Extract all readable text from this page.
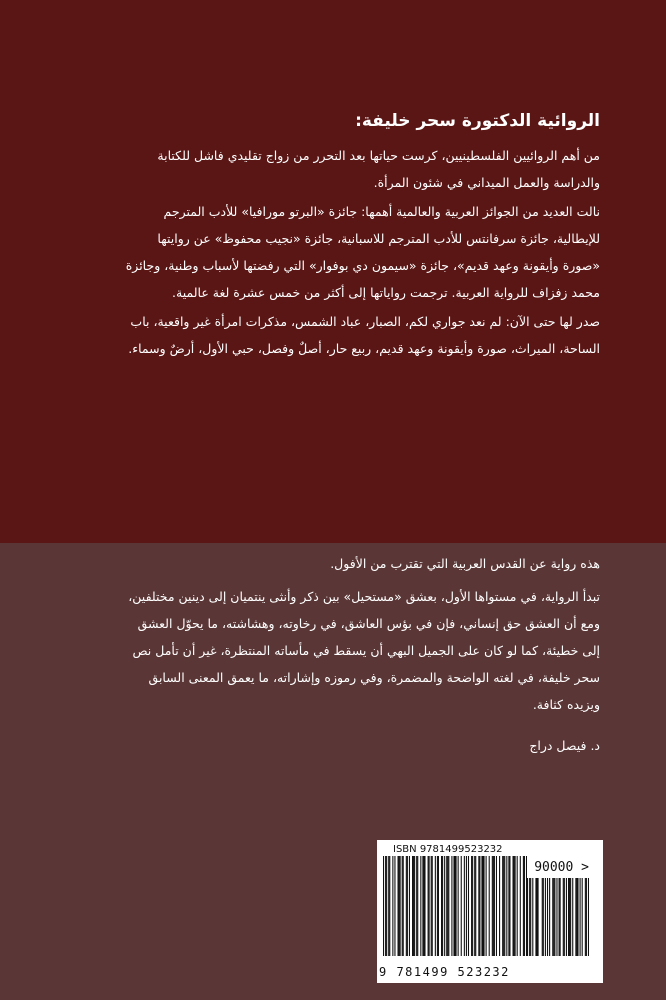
الروائية الدكتورة سحر خليفة:

من أهم الروائيين الفلسطينيين، كرست حياتها بعد التحرر من زواج تقليدي فاشل للكتابة والدراسة والعمل الميداني في شئون المرأة.

نالت العديد من الجوائز العربية والعالمية أهمها: جائزة «البرتو مورافيا» للأدب المترجم للإيطالية، جائزة سرفانتس للأدب المترجم للاسبانية، جائزة «نجيب محفوظ» عن روايتها «صورة وأيقونة وعهد قديم»، جائزة «سيمون دي بوفوار» التي رفضتها لأسباب وطنية، وجائزة محمد زفزاف للرواية العربية. ترجمت رواياتها إلى أكثر من خمس عشرة لغة عالمية.

صدر لها حتى الآن: لم نعد جواري لكم، الصبار، عباد الشمس، مذكرات امرأة غير واقعية، باب الساحة، الميراث، صورة وأيقونة وعهد قديم، ربيع حار، أصلٌ وفصل، حبي الأول، أرضٌ وسماء.

هذه رواية عن القدس العربية التي تقترب من الأفول.

تبدأ الرواية، في مستواها الأول، بعشق «مستحيل» بين ذكر وأنثى ينتميان إلى دينين مختلفين، ومع أن العشق حق إنساني، فإن في بؤس العاشق، في رخاوته، وهشاشته، ما يحوّل العشق إلى خطيئة، كما لو كان على الجميل البهي أن يسقط في مأساته المنتظرة، غير أن تأمل نص سحر خليفة، في لغته الواضحة والمضمرة، وفي رموزه وإشاراته، ما يعمق المعنى السابق ويزيده كثافة.

د. فيصل دراج
ISBN 9781499523232
90000 >
9 781499 523232
